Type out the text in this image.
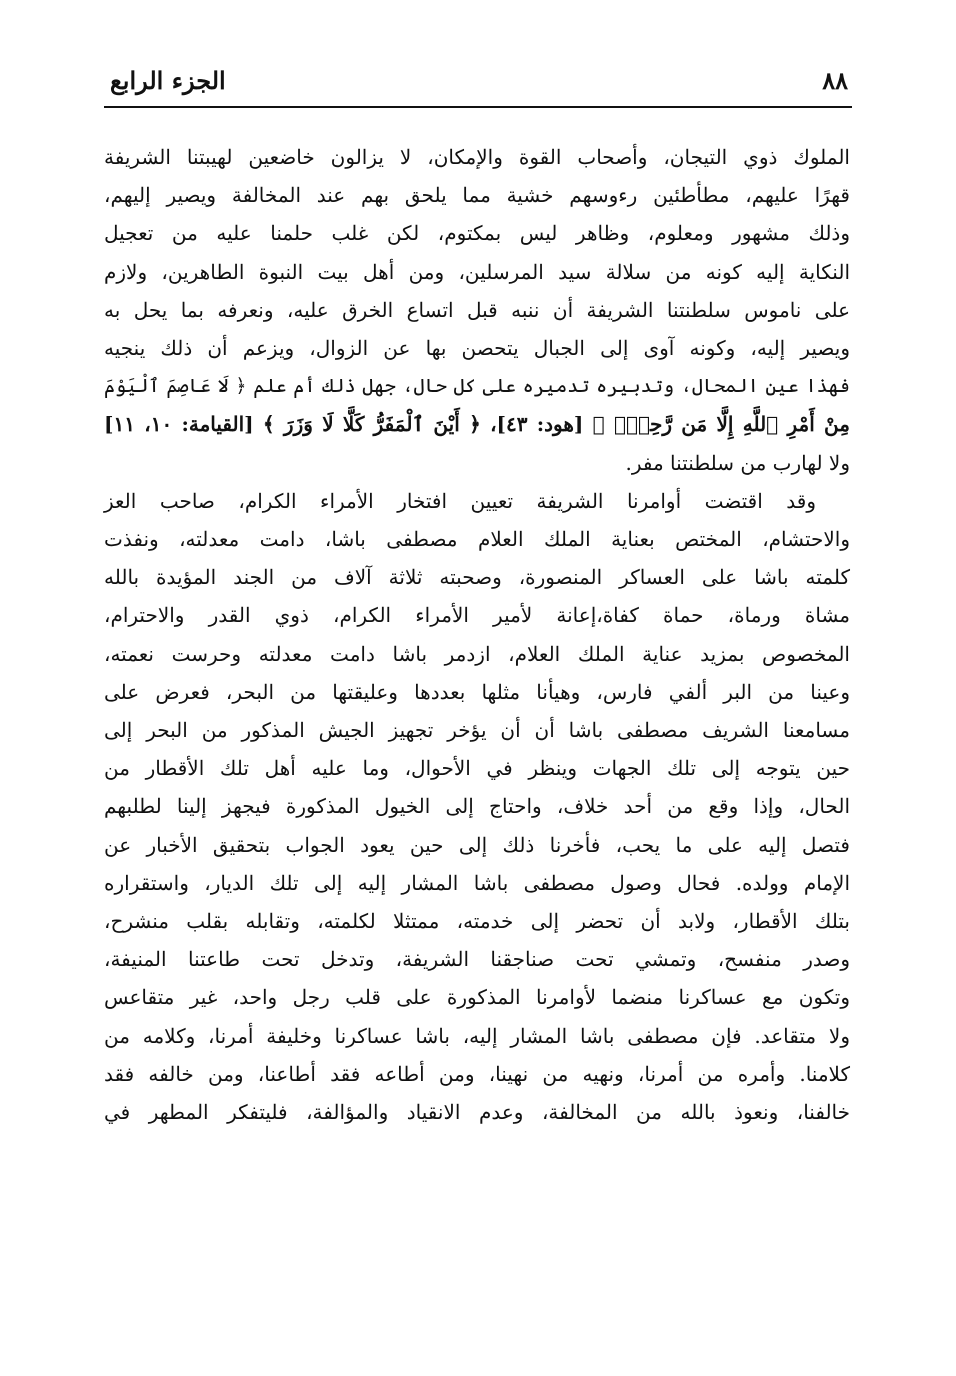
٨٨
الجزء الرابع
الملوك ذوي التيجان، وأصحاب القوة والإمكان، لا يزالون خاضعين لهيبتنا الشريفة
قهرًا عليهم، مطأطئين رءوسهم خشية مما يلحق بهم عند المخالفة ويصير إليهم،
وذلك مشهور ومعلوم، وظاهر ليس بمكتوم، لكن غلب حلمنا عليه من تعجيل
النكاية إليه كونه من سلالة سيد المرسلين، ومن أهل بيت النبوة الطاهرين، ولازم
على ناموس سلطنتنا الشريفة أن ننبه قبل اتساع الخرق عليه، ونعرفه بما يحل به
ويصير إليه، وكونه آوى إلى الجبال يتحصن بها عن الزوال، ويزعم أن ذلك ينجيه
فهذا عين المحال، وتدبيره تدميره على كل حال، جهل ذلك أم علم ﴿ لَا عَاصِمَ ٱلْيَوْمَ
مِنْ أَمْرِ ٱللَّهِ إِلَّا مَن رَّحِمَۚ ﴾ [هود: ٤٣]، ﴿ أَيْنَ ٱلْمَفَرُّ كَلَّا لَا وَزَرَ ﴾ [القيامة: ١٠، ١١]
ولا لهارب من سلطنتنا مفر.
وقد اقتضت أوامرنا الشريفة تعيين افتخار الأمراء الكرام، صاحب العز
والاحتشام، المختص بعناية الملك العلام مصطفى باشا، دامت معدلته، ونفذت
كلمته باشا على العساكر المنصورة، وصحبته ثلاثة آلاف من الجند المؤيدة بالله
مشاة ورماة، حماة كفاة،إعانة لأمير الأمراء الكرام، ذوي القدر والاحترام،
المخصوص بمزيد عناية الملك العلام، ازدمر باشا دامت معدلته وحرست نعمته،
وعينا من البر ألفي فارس، وهيأنا مثلها بعددها وعليقتها من البحر، فعرض على
مسامعنا الشريف مصطفى باشا أن أن يؤخر تجهيز الجيش المذكور من البحر إلى
حين يتوجه إلى تلك الجهات وينظر في الأحوال، وما عليه أهل تلك الأقطار من
الحال، وإذا وقع من أحد خلاف، واحتاج إلى الخيول المذكورة فيجهز إلينا لطلبهم
فتصل إليه على ما يحب، فأخرنا ذلك إلى حين يعود الجواب بتحقيق الأخبار عن
الإمام وولده. فحال وصول مصطفى باشا المشار إليه إلى تلك الديار، واستقراره
بتلك الأقطار، ولابد أن تحضر إلى خدمته، ممتثلا لكلمته، وتقابله بقلب منشرح،
وصدر منفسح، وتمشي تحت صناجقنا الشريفة، وتدخل تحت طاعتنا المنيفة،
وتكون مع عساكرنا منضما لأوامرنا المذكورة على قلب رجل واحد، غير متقاعس
ولا متقاعد. فإن مصطفى باشا المشار إليه، باشا عساكرنا وخليفة أمرنا، وكلامه من
كلامنا. وأمره من أمرنا، ونهيه من نهينا، ومن أطاعه فقد أطاعنا، ومن خالفه فقد
خالفنا، ونعوذ بالله من المخالفة، وعدم الانقياد والمؤالفة، فليتفكر المطهر في
